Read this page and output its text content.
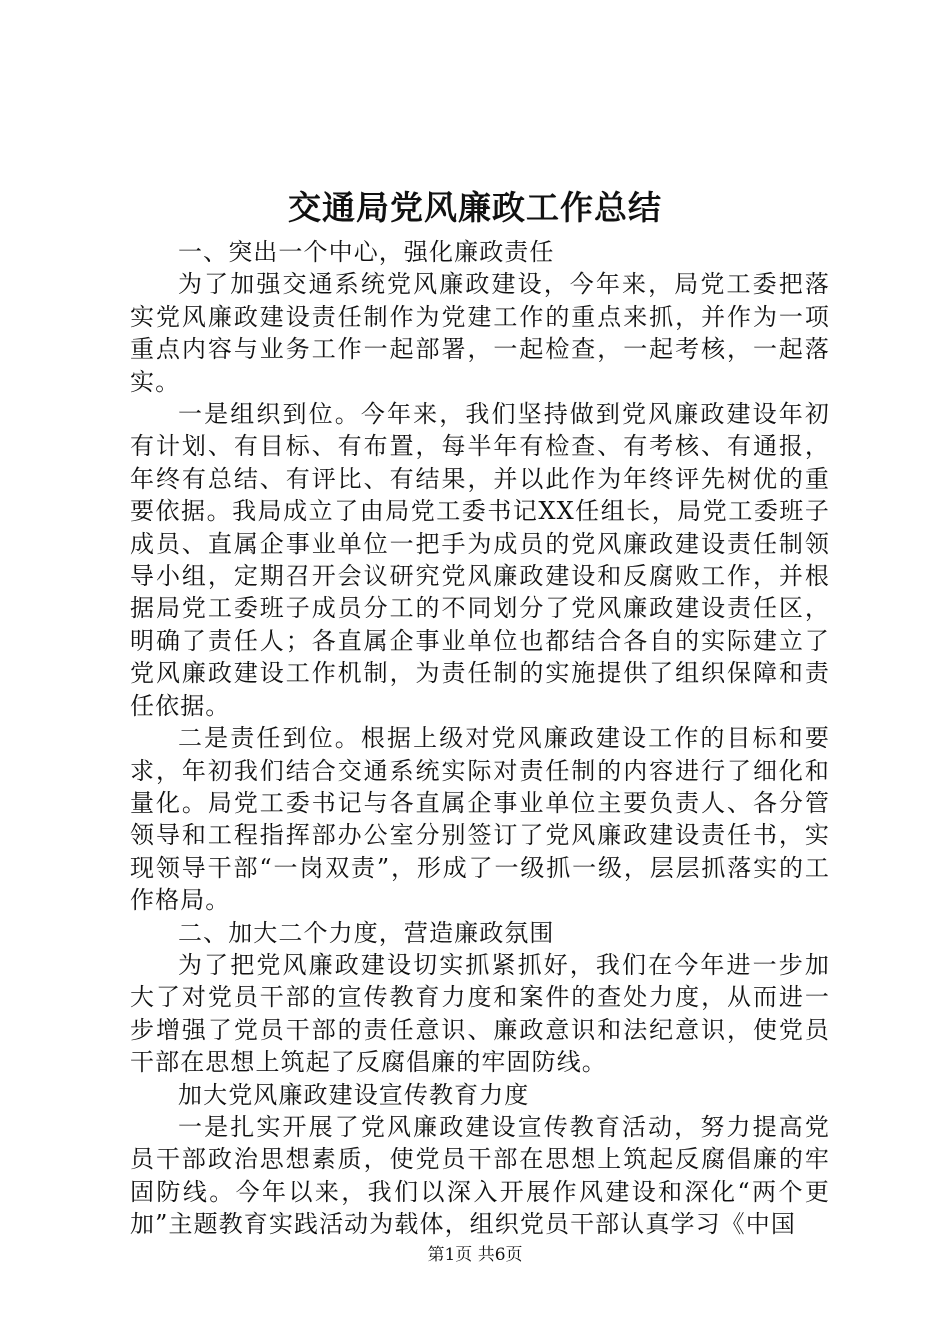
交通局党风廉政工作总结

一、突出一个中心，强化廉政责任

为了加强交通系统党风廉政建设，今年来，局党工委把落实党风廉政建设责任制作为党建工作的重点来抓，并作为一项重点内容与业务工作一起部署，一起检查，一起考核，一起落实。

一是组织到位。今年来，我们坚持做到党风廉政建设年初有计划、有目标、有布置，每半年有检查、有考核、有通报，年终有总结、有评比、有结果，并以此作为年终评先树优的重要依据。我局成立了由局党工委书记XX任组长，局党工委班子成员、直属企事业单位一把手为成员的党风廉政建设责任制领导小组，定期召开会议研究党风廉政建设和反腐败工作，并根据局党工委班子成员分工的不同划分了党风廉政建设责任区，明确了责任人；各直属企事业单位也都结合各自的实际建立了党风廉政建设工作机制，为责任制的实施提供了组织保障和责任依据。

二是责任到位。根据上级对党风廉政建设工作的目标和要求，年初我们结合交通系统实际对责任制的内容进行了细化和量化。局党工委书记与各直属企事业单位主要负责人、各分管领导和工程指挥部办公室分别签订了党风廉政建设责任书，实现领导干部“一岗双责”，形成了一级抓一级，层层抓落实的工作格局。

二、加大二个力度，营造廉政氛围

为了把党风廉政建设切实抓紧抓好，我们在今年进一步加大了对党员干部的宣传教育力度和案件的查处力度，从而进一步增强了党员干部的责任意识、廉政意识和法纪意识，使党员干部在思想上筑起了反腐倡廉的牢固防线。

加大党风廉政建设宣传教育力度

一是扎实开展了党风廉政建设宣传教育活动，努力提高党员干部政治思想素质，使党员干部在思想上筑起反腐倡廉的牢固防线。今年以来，我们以深入开展作风建设和深化“两个更加”主题教育实践活动为载体，组织党员干部认真学习《中国

第1页 共6页
